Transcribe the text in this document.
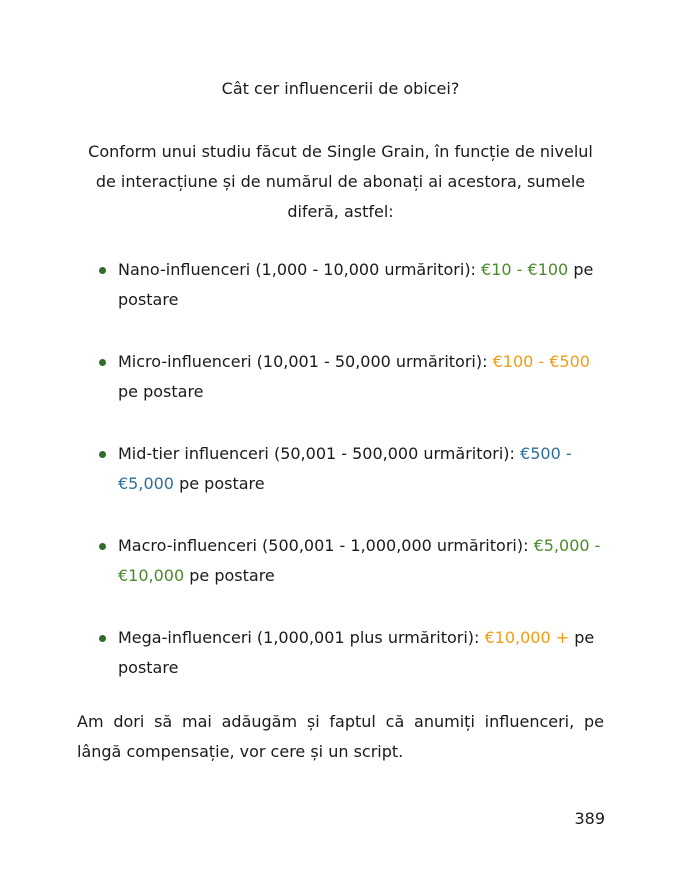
Cât cer influencerii de obicei?
Conform unui studiu făcut de Single Grain, în funcție de nivelul de interacțiune și de numărul de abonați ai acestora, sumele diferă, astfel:
Nano-influenceri (1,000 - 10,000 urmăritori): €10 - €100 pe postare
Micro-influenceri (10,001 - 50,000 urmăritori): €100 - €500 pe postare
Mid-tier influenceri (50,001 - 500,000 urmăritori): €500 - €5,000 pe postare
Macro-influenceri (500,001 - 1,000,000 urmăritori): €5,000 - €10,000 pe postare
Mega-influenceri (1,000,001 plus urmăritori): €10,000 + pe postare
Am dori să mai adăugăm și faptul că anumiți influenceri, pe lângă compensație, vor cere și un script.
389
